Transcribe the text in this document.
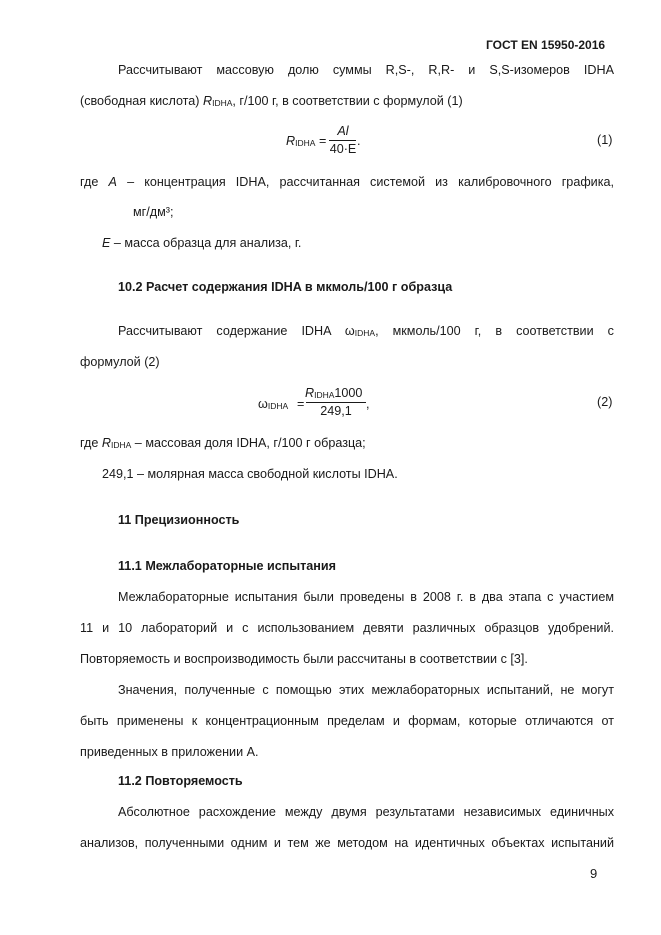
ГОСТ EN 15950-2016
Рассчитывают массовую долю суммы R,S-, R,R- и S,S-изомеров IDHA
(свободная кислота) $R_{IDHA}$, г/100 г, в соответствии с формулой (1)
$R_{IDHA}$ =
Al
40·E
.	(1)
где A – концентрация IDHA, рассчитанная системой из калибровочного графика,
мг/дм³;
E – масса образца для анализа, г.
10.2 Расчет содержания IDHA в мкмоль/100 г образца
Рассчитывают содержание IDHA $\omega_{IDHA}$, мкмоль/100 г, в соответствии с
формулой (2)
$\omega_{IDHA}$ =
$R_{IDHA}1000$
249,1	,	(2)
где $R_{IDHA}$ – массовая доля IDHA, г/100 г образца;
249,1 – молярная масса свободной кислоты IDHA.
11 Прецизионность
11.1 Межлабораторные испытания
Межлабораторные испытания были проведены в 2008 г. в два этапа с участием
11 и 10 лабораторий и с использованием девяти различных образцов удобрений.
Повторяемость и воспроизводимость были рассчитаны в соответствии с [3].
Значения, полученные с помощью этих межлабораторных испытаний, не могут
быть применены к концентрационным пределам и формам, которые отличаются от
приведенных в приложении А.
11.2 Повторяемость
Абсолютное расхождение между двумя результатами независимых единичных
анализов, полученными одним и тем же методом на идентичных объектах испытаний
9
